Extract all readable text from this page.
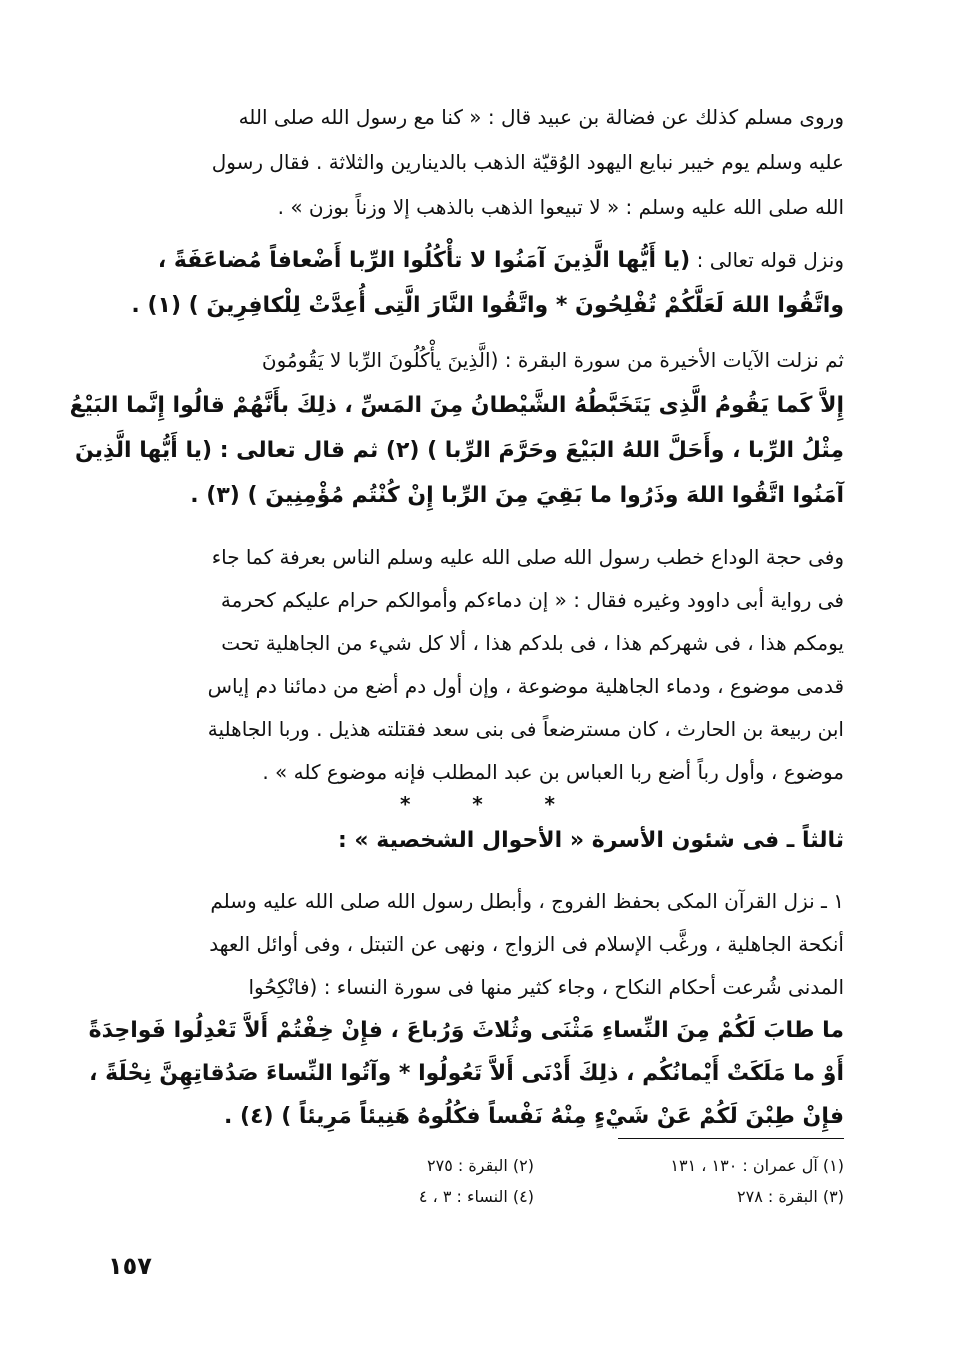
وروى مسلم كذلك عن فضالة بن عبيد قال : « كنا مع رسول الله صلى الله
عليه وسلم يوم خيبر نبايع اليهود الوُقيّة الذهب بالدينارين والثلاثة . فقال رسول
الله صلى الله عليه وسلم : « لا تبيعوا الذهب بالذهب إلا وزناً بوزن » .
ونزل قوله تعالى : (يا أَيُّها الَّذِينَ آمَنُوا لا تأْكُلُوا الرِّبا أَضْعافاً مُضاعَفَةً ،
واتَّقُوا اللهَ لَعَلَّكُمْ تُفْلِحُونَ * واتَّقُوا النَّارَ الَّتِى أُعِدَّتْ لِلْكافِرِينَ ) (١) .
ثم نزلت الآيات الأخيرة من سورة البقرة : (الَّذِينَ يأْكُلُونَ الرِّبا لا يَقُومُونَ
إِلاَّ كَما يَقُومُ الَّذِى يَتَخَبَّطُهُ الشَّيْطانُ مِنَ المَسِّ ، ذلِكَ بأَنَّهُمْ قالُوا إِنَّما البَيْعُ
مِثْلُ الرِّبا ، وأَحَلَّ اللهُ البَيْعَ وحَرَّمَ الرِّبا ) (٢) ثم قال تعالى : (يا أَيُّها الَّذِينَ
آمَنُوا اتَّقُوا اللهَ وذَرُوا ما بَقِيَ مِنَ الرِّبا إِنْ كُنْتُم مُؤْمِنِينَ ) (٣) .
وفى حجة الوداع خطب رسول الله صلى الله عليه وسلم الناس بعرفة كما جاء
فى رواية أبى داوود وغيره فقال : « إن دماءكم وأموالكم حرام عليكم كحرمة
يومكم هذا ، فى شهركم هذا ، فى بلدكم هذا ، ألا كل شيء من الجاهلية تحت
قدمى موضوع ، ودماء الجاهلية موضوعة ، وإن أول دم أضع من دمائنا دم إياس
ابن ربيعة بن الحارث ، كان مسترضعاً فى بنى سعد فقتلته هذيل . وربا الجاهلية
موضوع ، وأول رباً أضع ربا العباس بن عبد المطلب فإنه موضوع كله » .
*	*	*
ثالثاً ـ فى شئون الأسرة « الأحوال الشخصية » :
١ ـ نزل القرآن المكى بحفظ الفروج ، وأبطل رسول الله صلى الله عليه وسلم
أنكحة الجاهلية ، ورغَّب الإسلام فى الزواج ، ونهى عن التبتل ، وفى أوائل العهد
المدنى شُرعت أحكام النكاح ، وجاء كثير منها فى سورة النساء : (فانْكِحُوا
ما طابَ لَكُمْ مِنَ النِّساءِ مَثْنَى وثُلاثَ وَرُباعَ ، فإِنْ خِفْتُمْ أَلاَّ تَعْدِلُوا فَواحِدَةً
أَوْ ما مَلَكَتْ أَيْمانُكُم ، ذلِكَ أَدْنَى أَلاَّ تَعُولُوا * وآتُوا النِّساءَ صَدُقاتِهِنَّ نِحْلَةً ،
فإِنْ طِبْنَ لَكُمْ عَنْ شَيْءٍ مِنْهُ نَفْساً فكُلُوهُ هَنِيئاً مَرِيئاً ) (٤) .
(١) آل عمران : ١٣٠ ، ١٣١
(٢) البقرة : ٢٧٥
(٣) البقرة : ٢٧٨
(٤) النساء : ٣ ، ٤
١٥٧
